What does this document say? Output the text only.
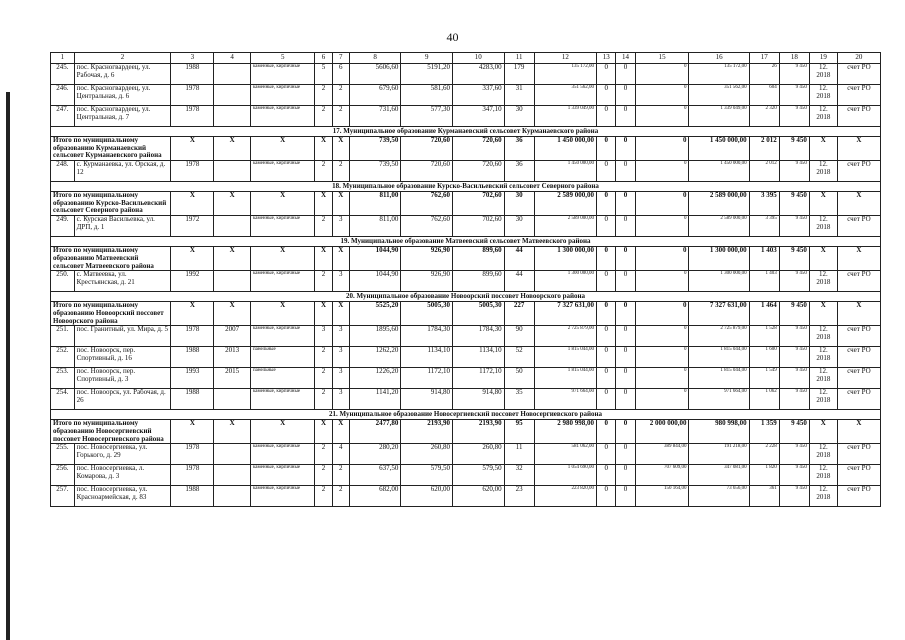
40
1	2	3	4	5	6	7	8	9	10	11	12	13	14	15	16	17	18	19	20
245.	пос. Красногвардеец, ул. Рабочая, д. 6	1988		каменные, кирпичные	5	6	5606,60	5191,20	4283,00	179	135 172,00	0	0	0	135 172,00	26	9 450	12. 2018	счет РО
246.	пос. Красногвардеец, ул. Центральная, д. 6	1978		каменные, кирпичные	2	2	679,60	581,60	337,60	31	351 562,00	0	0	0	351 562,00	604	9 450	12. 2018	счет РО
247.	пос. Красногвардеец, ул. Центральная, д. 7	1978		каменные, кирпичные	2	2	731,60	577,30	347,10	30	1 339 049,00	0	0	0	1 339 049,00	2 320	9 450	12. 2018	счет РО
17. Муниципальное образование Курманаевский сельсовет Курманаевского района																			
Итого по муниципальному образованию Курманаевский сельсовет Курманаевского района		X	X	X	X	X	739,50	720,60	720,60	36	1 450 000,00	0	0	0	1 450 000,00	2 012	9 450	X	X
248.	с. Курманаевка, ул. Орская, д. 12	1978		каменные, кирпичные	2	2	739,50	720,60	720,60	36	1 450 000,00	0	0	0	1 450 000,00	2 012	9 450	12. 2018	счет РО
18. Муниципальное образование Курско-Васильевский сельсовет Северного района																			
Итого по муниципальному образованию Курско-Васильевский сельсовет Северного района		X	X	X	X	X	811,00	762,60	702,60	30	2 589 000,00	0	0	0	2 589 000,00	3 395	9 450	X	X
249.	с. Курская Васильевка, ул. ДРП, д. 1	1972		каменные, кирпичные	2	3	811,00	762,60	702,60	30	2 589 000,00	0	0	0	2 589 000,00	3 395	9 450	12. 2018	счет РО
19. Муниципальное образование Матвеевский сельсовет Матвеевского района																			
Итого по муниципальному образованию Матвеевский сельсовет Матвеевского района		X	X	X	X	X	1044,90	926,90	899,60	44	1 300 000,00	0	0	0	1 300 000,00	1 403	9 450	X	X
250.	с. Матвеевка, ул. Крестьянская, д. 21	1992		каменные, кирпичные	2	3	1044,90	926,90	899,60	44	1 300 000,00	0	0	0	1 300 000,00	1 403	9 450	12. 2018	счет РО
20. Муниципальное образование Новоорский поссовет Новоорского района																			
Итого по муниципальному образованию Новоорский поссовет Новоорского района		X	X	X	X	X	5525,20	5005,30	5005,30	227	7 327 631,00	0	0	0	7 327 631,00	1 464	9 450	X	X
251.	пос. Гранитный, ул. Мира, д. 5	1978	2007	каменные, кирпичные	3	3	1895,60	1784,30	1784,30	90	2 725 879,00	0	0	0	2 725 879,00	1 528	9 450	12. 2018	счет РО
252.	пос. Новоорск, пер. Спортивный, д. 16	1988	2013	панельные	2	3	1262,20	1134,10	1134,10	52	1 815 044,00	0	0	0	1 815 044,00	1 600	9 450	12. 2018	счет РО
253.	пос. Новоорск, пер. Спортивный, д. 3	1993	2015	панельные	2	3	1226,20	1172,10	1172,10	50	1 815 044,00	0	0	0	1 815 044,00	1 549	9 450	12. 2018	счет РО
254.	пос. Новоорск, ул. Рабочая, д. 26	1988		каменные, кирпичные	2	3	1141,20	914,80	914,80	35	971 664,00	0	0	0	971 664,00	1 062	9 450	12. 2018	счет РО
21. Муниципальное образование Новосергиевский поссовет Новосергиевского района																			
Итого по муниципальному образованию Новосергиевский поссовет Новосергиевского района		X	X	X	X	X	2477,80	2193,90	2193,90	95	2 980 998,00	0	0	2 000 000,00	980 998,00	1 359	9 450	X	X
255.	пос. Новосергиевка, ул. Горького, д. 29	1978		каменные, кирпичные	2	4	280,20	260,80	260,80	11	581 062,00	0	0	389 844,00	191 218,00	2 228	9 450	12. 2018	счет РО
256.	пос. Новосергиевка, л. Комарова, д. 3	1978		каменные, кирпичные	2	2	637,50	579,50	579,50	32	1 054 690,00	0	0	707 609,00	347 081,00	1 820	9 450	12. 2018	счет РО
257.	пос. Новосергиевка, ул. Красноармейская, д. 83	1988		каменные, кирпичные	2	2	682,00	620,00	620,00	23	223 820,00	0	0	150 164,00	73 656,00	361	9 450	12. 2018	счет РО
